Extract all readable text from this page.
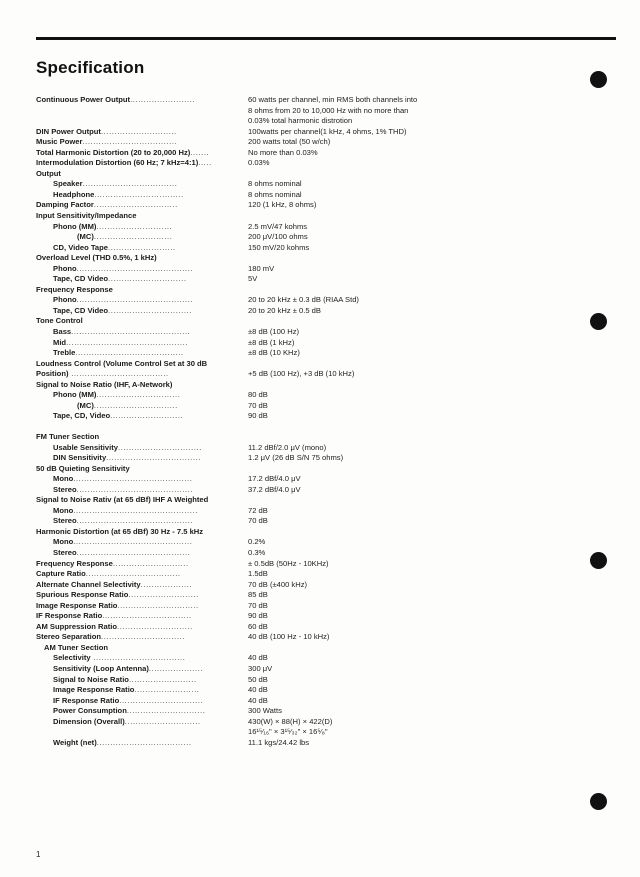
Specification
Continuous Power Output........................	60 watts per channel, min RMS both channels into
8 ohms from 20 to 10,000 Hz with no more than
0.03% total harmonic distrotion
DIN Power Output............................	100watts per channel(1 kHz, 4 ohms, 1% THD)
Music Power...................................	200 watts total (50 w/ch)
Total Harmonic Distortion (20 to 20,000 Hz).......	No more than 0.03%
Intermodulation Distortion (60 Hz; 7 kHz=4:1).....	0.03%
Output
Speaker...................................	8 ohms nominal
Headphone.................................	8 ohms nominal
Damping Factor...............................	120 (1 kHz, 8 ohms)
Input Sensitivity/Impedance
Phono (MM)............................	2.5 mV/47 kohms
(MC).............................	200 μV/100 ohms
CD, Video Tape.........................	150 mV/20 kohms
Overload Level (THD 0.5%, 1 kHz)
Phono...........................................	180 mV
Tape, CD Video.............................	5V
Frequency Response
Phono...........................................	20 to 20 kHz ± 0.3 dB (RIAA Std)
Tape, CD Video...............................	20 to 20 kHz ± 0.5 dB
Tone Control
Bass............................................	±8 dB (100 Hz)
Mid.............................................	±8 dB (1 kHz)
Treble........................................	±8 dB (10 KHz)
Loudness Control (Volume Control Set at 30 dB
Position) ....................................	+5 dB (100 Hz), +3 dB (10 kHz)
Signal to Noise Ratio (IHF, A-Network)
Phono (MM)...............................	80 dB
(MC)...............................	70 dB
Tape, CD, Video...........................	90 dB
FM Tuner Section
Usable Sensitivity...............................	11.2 dBf/2.0 μV (mono)
DIN Sensitivity...................................	1.2 μV (26 dB S/N 75 ohms)
50 dB Quieting Sensitivity
Mono............................................	17.2 dBf/4.0 μV
Stereo...........................................	37.2 dBf/4.0 μV
Signal to Noise Rativ (at 65 dBf) IHF A Weighted
Mono..............................................	72 dB
Stereo...........................................	70 dB
Harmonic Distortion (at 65 dBf) 30 Hz - 7.5 kHz
Mono............................................	0.2%
Stereo..........................................	0.3%
Frequency Response............................	± 0.5dB (50Hz - 10KHz)
Capture Ratio...................................	1.5dB
Alternate Channel Selectivity...................	70 dB (±400 kHz)
Spurious Response Ratio..........................	85 dB
Image Response Ratio..............................	70 dB
IF Response Ratio.................................	90 dB
AM Suppression Ratio............................	60 dB
Stereo Separation...............................	40 dB (100 Hz - 10 kHz)
AM Tuner Section
Selectivity ..................................	40 dB
Sensitivity (Loop Antenna)....................	300 μV
Signal to Noise Ratio.........................	50 dB
Image Response Ratio........................	40 dB
IF Response Ratio...............................	40 dB
Power Consumption.............................	300 Watts
Dimension (Overall)............................	430(W) × 88(H) × 422(D)
16¹⁵⁄₁₆" × 3¹⁵⁄₃₂" × 16⁵⁄₈"
Weight (net)...................................	11.1 kgs/24.42 lbs
1
